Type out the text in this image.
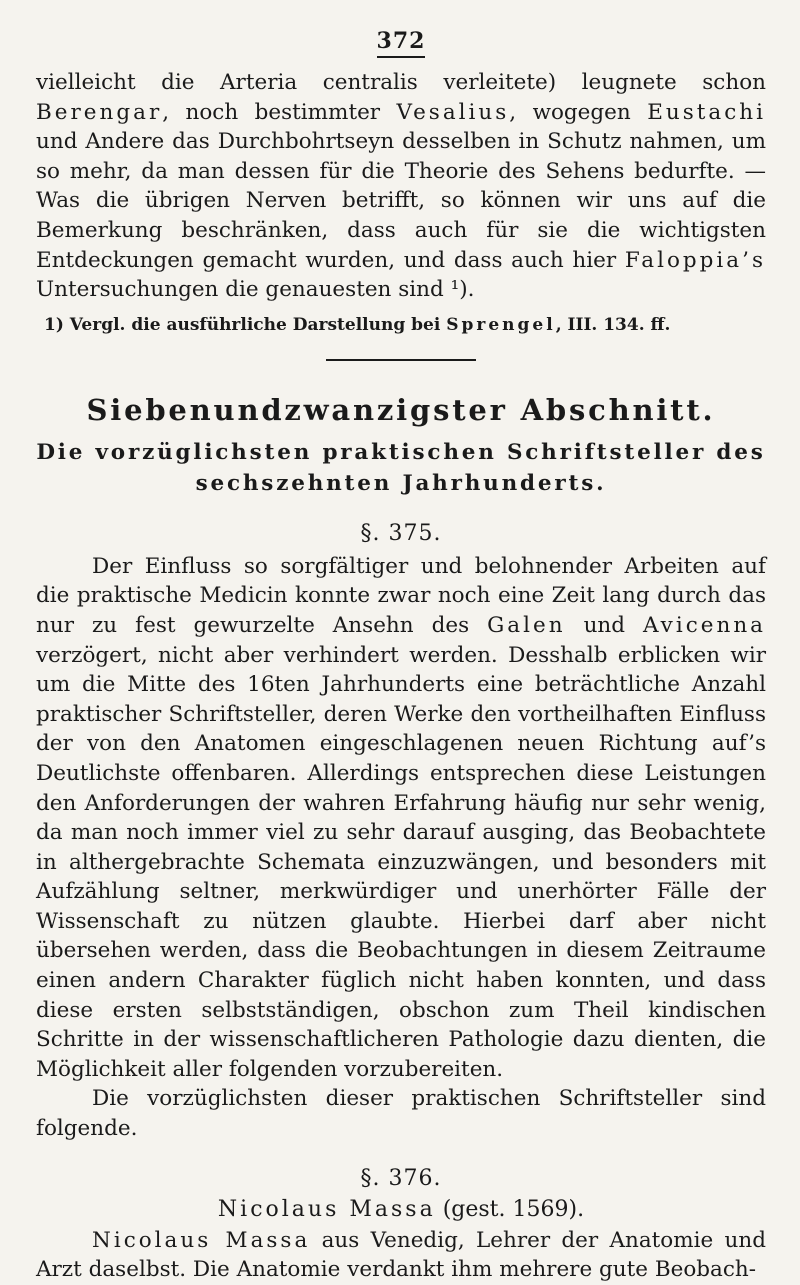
372

vielleicht die Arteria centralis verleitete) leugnete schon Berengar, noch bestimmter Vesalius, wogegen Eustachi und Andere das Durchbohrtseyn desselben in Schutz nahmen, um so mehr, da man dessen für die Theorie des Sehens bedurfte. — Was die übrigen Nerven betrifft, so können wir uns auf die Bemerkung beschränken, dass auch für sie die wichtigsten Entdeckungen gemacht wurden, und dass auch hier Faloppia’s Untersuchungen die genauesten sind ¹).

1) Vergl. die ausführliche Darstellung bei Sprengel, III. 134. ff.

Siebenundzwanzigster Abschnitt.
Die vorzüglichsten praktischen Schriftsteller des
sechszehnten Jahrhunderts.
§. 375.

Der Einfluss so sorgfältiger und belohnender Arbeiten auf die praktische Medicin konnte zwar noch eine Zeit lang durch das nur zu fest gewurzelte Ansehn des Galen und Avicenna verzögert, nicht aber verhindert werden. Desshalb erblicken wir um die Mitte des 16ten Jahrhunderts eine beträchtliche Anzahl praktischer Schriftsteller, deren Werke den vortheilhaften Einfluss der von den Anatomen eingeschlagenen neuen Richtung auf’s Deutlichste offenbaren. Allerdings entsprechen diese Leistungen den Anforderungen der wahren Erfahrung häufig nur sehr wenig, da man noch immer viel zu sehr darauf ausging, das Beobachtete in althergebrachte Schemata einzuzwängen, und besonders mit Aufzählung seltner, merkwürdiger und unerhörter Fälle der Wissenschaft zu nützen glaubte. Hierbei darf aber nicht übersehen werden, dass die Beobachtungen in diesem Zeitraume einen andern Charakter füglich nicht haben konnten, und dass diese ersten selbstständigen, obschon zum Theil kindischen Schritte in der wissenschaftlicheren Pathologie dazu dienten, die Möglichkeit aller folgenden vorzubereiten.

Die vorzüglichsten dieser praktischen Schriftsteller sind folgende.

§. 376.
Nicolaus Massa (gest. 1569).

Nicolaus Massa aus Venedig, Lehrer der Anatomie und Arzt daselbst. Die Anatomie verdankt ihm mehrere gute Beobach-
